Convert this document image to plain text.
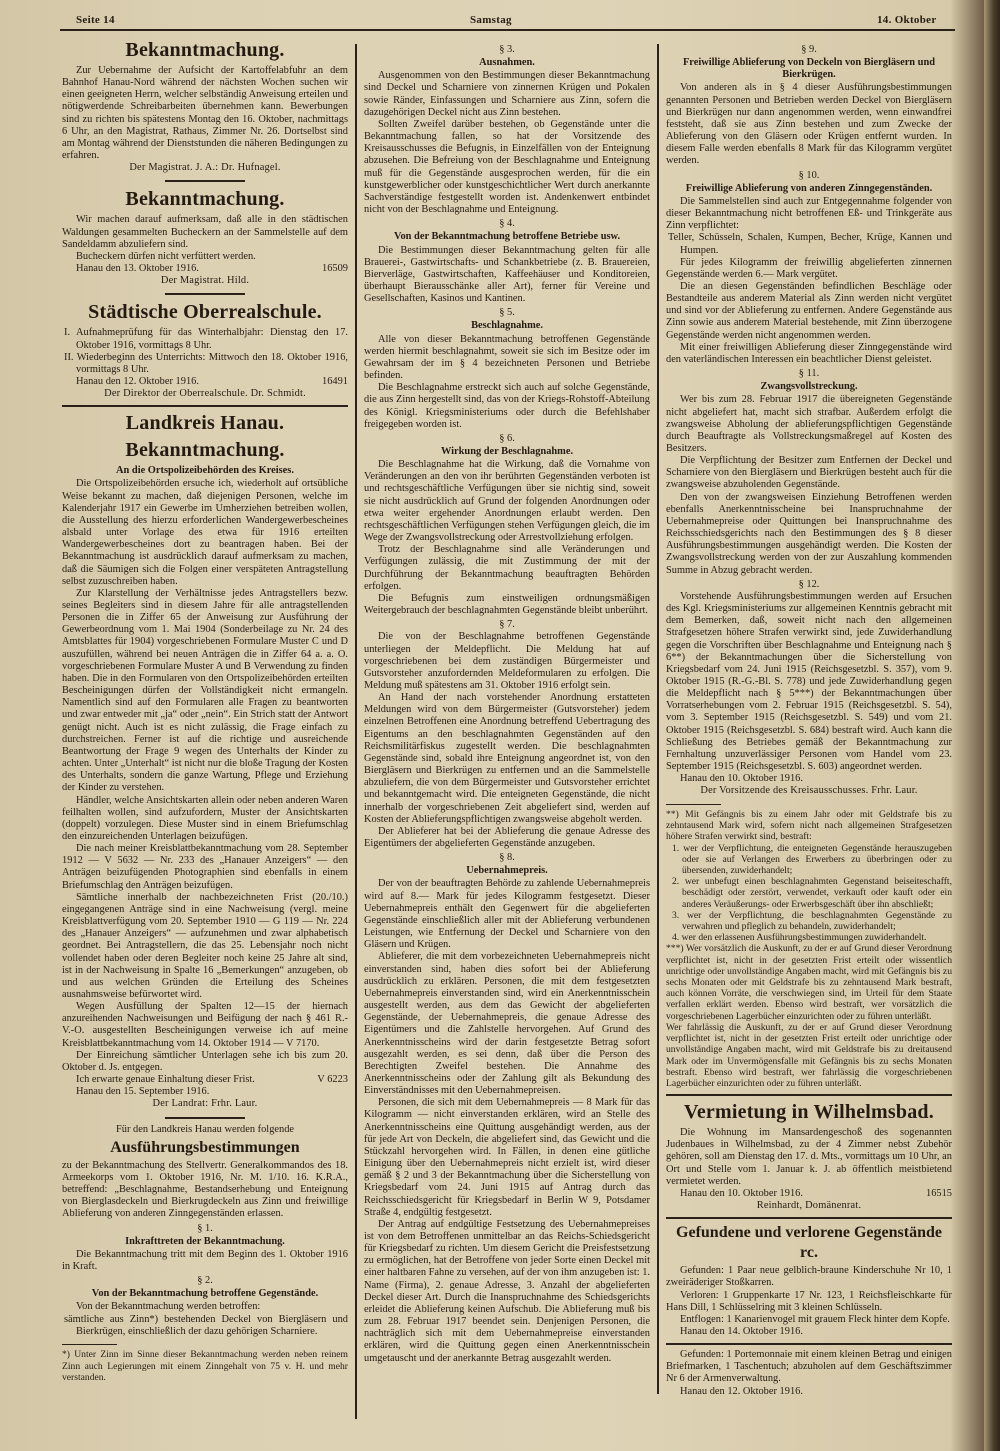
Seite 14	Samstag	14. Oktober

Bekanntmachung.

Zur Uebernahme der Aufsicht der Kartoffelabfuhr an dem Bahnhof Hanau-Nord während der nächsten Wochen suchen wir einen geeigneten Herrn, welcher selbständig Anweisung erteilen und nötigwerdende Schreibarbeiten übernehmen kann. Bewerbungen sind zu richten bis spätestens Montag den 16. Oktober, nachmittags 6 Uhr, an den Magistrat, Rathaus, Zimmer Nr. 26. Dortselbst sind am Montag während der Dienststunden die näheren Bedingungen zu erfahren.

Der Magistrat. J. A.: Dr. Hufnagel.

Bekanntmachung.

Wir machen darauf aufmerksam, daß alle in den städtischen Waldungen gesammelten Bucheckern an der Sammelstelle auf dem Sandeldamm abzuliefern sind.

Bucheckern dürfen nicht verfüttert werden.

Hanau den 13. Oktober 1916.	16509

Der Magistrat. Hild.

Städtische Oberrealschule.

I. Aufnahmeprüfung für das Winterhalbjahr: Dienstag den 17. Oktober 1916, vormittags 8 Uhr.

II. Wiederbeginn des Unterrichts: Mittwoch den 18. Oktober 1916, vormittags 8 Uhr.

Hanau den 12. Oktober 1916.	16491

Der Direktor der Oberrealschule. Dr. Schmidt.

Landkreis Hanau.

Bekanntmachung.

An die Ortspolizeibehörden des Kreises.

Die Ortspolizeibehörden ersuche ich, wiederholt auf ortsübliche Weise bekannt zu machen, daß diejenigen Personen, welche im Kalenderjahr 1917 ein Gewerbe im Umherziehen betreiben wollen, die Ausstellung des hierzu erforderlichen Wandergewerbescheines alsbald unter Vorlage des etwa für 1916 erteilten Wandergewerbescheines dort zu beantragen haben. Bei der Bekanntmachung ist ausdrücklich darauf aufmerksam zu machen, daß die Säumigen sich die Folgen einer verspäteten Antragstellung selbst zuzuschreiben haben.

Zur Klarstellung der Verhältnisse jedes Antragstellers bezw. seines Begleiters sind in diesem Jahre für alle antragstellenden Personen die in Ziffer 65 der Anweisung zur Ausführung der Gewerbeordnung vom 1. Mai 1904 (Sonderbeilage zu Nr. 24 des Amtsblattes für 1904) vorgeschriebenen Formulare Muster C und D auszufüllen, während bei neuen Anträgen die in Ziffer 64 a. a. O. vorgeschriebenen Formulare Muster A und B Verwendung zu finden haben. Die in den Formularen von den Ortspolizeibehörden erteilten Bescheinigungen dürfen der Vollständigkeit nicht ermangeln. Namentlich sind auf den Formularen alle Fragen zu beantworten und zwar entweder mit „ja“ oder „nein“. Ein Strich statt der Antwort genügt nicht. Auch ist es nicht zulässig, die Frage einfach zu durchstreichen. Ferner ist auf die richtige und ausreichende Beantwortung der Frage 9 wegen des Unterhalts der Kinder zu achten. Unter „Unterhalt“ ist nicht nur die bloße Tragung der Kosten des Unterhalts, sondern die ganze Wartung, Pflege und Erziehung der Kinder zu verstehen.

Händler, welche Ansichtskarten allein oder neben anderen Waren feilhalten wollen, sind aufzufordern, Muster der Ansichtskarten (doppelt) vorzulegen. Diese Muster sind in einem Briefumschlag den einzureichenden Unterlagen beizufügen.

Die nach meiner Kreisblattbekanntmachung vom 28. September 1912 — V 5632 — Nr. 233 des „Hanauer Anzeigers“ — den Anträgen beizufügenden Photographien sind ebenfalls in einem Briefumschlag den Anträgen beizufügen.

Sämtliche innerhalb der nachbezeichneten Frist (20./10.) eingegangenen Anträge sind in eine Nachweisung (vergl. meine Kreisblattverfügung vom 20. September 1910 — G 119 — Nr. 224 des „Hanauer Anzeigers“ — aufzunehmen und zwar alphabetisch geordnet. Bei Antragstellern, die das 25. Lebensjahr noch nicht vollendet haben oder deren Begleiter noch keine 25 Jahre alt sind, ist in der Nachweisung in Spalte 16 „Bemerkungen“ anzugeben, ob und aus welchen Gründen die Erteilung des Scheines ausnahmsweise befürwortet wird.

Wegen Ausfüllung der Spalten 12—15 der hiernach anzureihenden Nachweisungen und Beifügung der nach § 461 R.-V.-O. ausgestellten Bescheinigungen verweise ich auf meine Kreisblattbekanntmachung vom 14. Oktober 1914 — V 7170.

Der Einreichung sämtlicher Unterlagen sehe ich bis zum 20. Oktober d. Js. entgegen.

Ich erwarte genaue Einhaltung dieser Frist.	V 6223

Hanau den 15. September 1916.

Der Landrat: Frhr. Laur.

Für den Landkreis Hanau werden folgende

Ausführungsbestimmungen

zu der Bekanntmachung des Stellvertr. Generalkommandos des 18. Armeekorps vom 1. Oktober 1916, Nr. M. 1/10. 16. K.R.A., betreffend: „Beschlagnahme, Bestandserhebung und Enteignung von Bierglasdeckeln und Bierkrugdeckeln aus Zinn und freiwillige Ablieferung von anderen Zinngegenständen erlassen.

§ 1.

Inkrafttreten der Bekanntmachung.

Die Bekanntmachung tritt mit dem Beginn des 1. Oktober 1916 in Kraft.

§ 2.

Von der Bekanntmachung betroffene Gegenstände.

Von der Bekanntmachung werden betroffen:

sämtliche aus Zinn*) bestehenden Deckel von Biergläsern und Bierkrügen, einschließlich der dazu gehörigen Scharniere.

*) Unter Zinn im Sinne dieser Bekanntmachung werden neben reinem Zinn auch Legierungen mit einem Zinngehalt von 75 v. H. und mehr verstanden.

§ 3.

Ausnahmen.

Ausgenommen von den Bestimmungen dieser Bekanntmachung sind Deckel und Scharniere von zinnernen Krügen und Pokalen sowie Ränder, Einfassungen und Scharniere aus Zinn, sofern die dazugehörigen Deckel nicht aus Zinn bestehen.

Sollten Zweifel darüber bestehen, ob Gegenstände unter die Bekanntmachung fallen, so hat der Vorsitzende des Kreisausschusses die Befugnis, in Einzelfällen von der Enteignung abzusehen. Die Befreiung von der Beschlagnahme und Enteignung muß für die Gegenstände ausgesprochen werden, für die ein kunstgewerblicher oder kunstgeschichtlicher Wert durch anerkannte Sachverständige festgestellt worden ist. Andenkenwert entbindet nicht von der Beschlagnahme und Enteignung.

§ 4.

Von der Bekanntmachung betroffene Betriebe usw.

Die Bestimmungen dieser Bekanntmachung gelten für alle Brauerei-, Gastwirtschafts- und Schankbetriebe (z. B. Brauereien, Bierverläge, Gastwirtschaften, Kaffeehäuser und Konditoreien, überhaupt Bierausschänke aller Art), ferner für Vereine und Gesellschaften, Kasinos und Kantinen.

§ 5.

Beschlagnahme.

Alle von dieser Bekanntmachung betroffenen Gegenstände werden hiermit beschlagnahmt, soweit sie sich im Besitze oder im Gewahrsam der im § 4 bezeichneten Personen und Betriebe befinden.

Die Beschlagnahme erstreckt sich auch auf solche Gegenstände, die aus Zinn hergestellt sind, das von der Kriegs-Rohstoff-Abteilung des Königl. Kriegsministeriums oder durch die Befehlshaber freigegeben worden ist.

§ 6.

Wirkung der Beschlagnahme.

Die Beschlagnahme hat die Wirkung, daß die Vornahme von Veränderungen an den von ihr berührten Gegenständen verboten ist und rechtsgeschäftliche Verfügungen über sie nichtig sind, soweit sie nicht ausdrücklich auf Grund der folgenden Anordnungen oder etwa weiter ergehender Anordnungen erlaubt werden. Den rechtsgeschäftlichen Verfügungen stehen Verfügungen gleich, die im Wege der Zwangsvollstreckung oder Arrestvollziehung erfolgen.

Trotz der Beschlagnahme sind alle Veränderungen und Verfügungen zulässig, die mit Zustimmung der mit der Durchführung der Bekanntmachung beauftragten Behörden erfolgen.

Die Befugnis zum einstweiligen ordnungsmäßigen Weitergebrauch der beschlagnahmten Gegenstände bleibt unberührt.

§ 7.

Die von der Beschlagnahme betroffenen Gegenstände unterliegen der Meldepflicht. Die Meldung hat auf vorgeschriebenen bei dem zuständigen Bürgermeister und Gutsvorsteher anzufordernden Meldeformularen zu erfolgen. Die Meldung muß spätestens am 31. Oktober 1916 erfolgt sein.

An Hand der nach vorstehender Anordnung erstatteten Meldungen wird von dem Bürgermeister (Gutsvorsteher) jedem einzelnen Betroffenen eine Anordnung betreffend Uebertragung des Eigentums an den beschlagnahmten Gegenständen auf den Reichsmilitärfiskus zugestellt werden. Die beschlagnahmten Gegenstände sind, sobald ihre Enteignung angeordnet ist, von den Biergläsern und Bierkrügen zu entfernen und an die Sammelstelle abzuliefern, die von dem Bürgermeister und Gutsvorsteher errichtet und bekanntgemacht wird. Die enteigneten Gegenstände, die nicht innerhalb der vorgeschriebenen Zeit abgeliefert sind, werden auf Kosten der Ablieferungspflichtigen zwangsweise abgeholt werden.

Der Ablieferer hat bei der Ablieferung die genaue Adresse des Eigentümers der abgelieferten Gegenstände anzugeben.

§ 8.

Uebernahmepreis.

Der von der beauftragten Behörde zu zahlende Uebernahmepreis wird auf 8.— Mark für jedes Kilogramm festgesetzt. Dieser Uebernahmepreis enthält den Gegenwert für die abgelieferten Gegenstände einschließlich aller mit der Ablieferung verbundenen Leistungen, wie Entfernung der Deckel und Scharniere von den Gläsern und Krügen.

Ablieferer, die mit dem vorbezeichneten Uebernahmepreis nicht einverstanden sind, haben dies sofort bei der Ablieferung ausdrücklich zu erklären. Personen, die mit dem festgesetzten Uebernahmepreis einverstanden sind, wird ein Anerkenntnisschein ausgestellt werden, aus dem das Gewicht der abgelieferten Gegenstände, der Uebernahmepreis, die genaue Adresse des Eigentümers und die Zahlstelle hervorgehen. Auf Grund des Anerkenntnisscheins wird der darin festgesetzte Betrag sofort ausgezahlt werden, es sei denn, daß über die Person des Berechtigten Zweifel bestehen. Die Annahme des Anerkenntnisscheins oder der Zahlung gilt als Bekundung des Einverständnisses mit den Uebernahmepreisen.

Personen, die sich mit dem Uebernahmepreis — 8 Mark für das Kilogramm — nicht einverstanden erklären, wird an Stelle des Anerkenntnisscheins eine Quittung ausgehändigt werden, aus der für jede Art von Deckeln, die abgeliefert sind, das Gewicht und die Stückzahl hervorgehen wird. In Fällen, in denen eine gütliche Einigung über den Uebernahmepreis nicht erzielt ist, wird dieser gemäß § 2 und 3 der Bekanntmachung über die Sicherstellung von Kriegsbedarf vom 24. Juni 1915 auf Antrag durch das Reichsschiedsgericht für Kriegsbedarf in Berlin W 9, Potsdamer Straße 4, endgültig festgesetzt.

Der Antrag auf endgültige Festsetzung des Uebernahmepreises ist von dem Betroffenen unmittelbar an das Reichs-Schiedsgericht für Kriegsbedarf zu richten. Um diesem Gericht die Preisfestsetzung zu ermöglichen, hat der Betroffene von jeder Sorte einen Deckel mit einer haltbaren Fahne zu versehen, auf der von ihm anzugeben ist: 1. Name (Firma), 2. genaue Adresse, 3. Anzahl der abgelieferten Deckel dieser Art. Durch die Inanspruchnahme des Schiedsgerichts erleidet die Ablieferung keinen Aufschub. Die Ablieferung muß bis zum 28. Februar 1917 beendet sein. Denjenigen Personen, die nachträglich sich mit dem Uebernahmepreise einverstanden erklären, wird die Quittung gegen einen Anerkenntnisschein umgetauscht und der anerkannte Betrag ausgezahlt werden.

§ 9.

Freiwillige Ablieferung von Deckeln von Biergläsern und Bierkrügen.

Von anderen als in § 4 dieser Ausführungsbestimmungen genannten Personen und Betrieben werden Deckel von Biergläsern und Bierkrügen nur dann angenommen werden, wenn einwandfrei feststeht, daß sie aus Zinn bestehen und zum Zwecke der Ablieferung von den Gläsern oder Krügen entfernt wurden. In diesem Falle werden ebenfalls 8 Mark für das Kilogramm vergütet werden.

§ 10.

Freiwillige Ablieferung von anderen Zinngegenständen.

Die Sammelstellen sind auch zur Entgegennahme folgender von dieser Bekanntmachung nicht betroffenen Eß- und Trinkgeräte aus Zinn verpflichtet:

Teller, Schüsseln, Schalen, Kumpen, Becher, Krüge, Kannen und Humpen.

Für jedes Kilogramm der freiwillig abgelieferten zinnernen Gegenstände werden 6.— Mark vergütet.

Die an diesen Gegenständen befindlichen Beschläge oder Bestandteile aus anderem Material als Zinn werden nicht vergütet und sind vor der Ablieferung zu entfernen. Andere Gegenstände aus Zinn sowie aus anderem Material bestehende, mit Zinn überzogene Gegenstände werden nicht angenommen werden.

Mit einer freiwilligen Ablieferung dieser Zinngegenstände wird den vaterländischen Interessen ein beachtlicher Dienst geleistet.

§ 11.

Zwangsvollstreckung.

Wer bis zum 28. Februar 1917 die übereigneten Gegenstände nicht abgeliefert hat, macht sich strafbar. Außerdem erfolgt die zwangsweise Abholung der ablieferungspflichtigen Gegenstände durch Beauftragte als Vollstreckungsmaßregel auf Kosten des Besitzers.

Die Verpflichtung der Besitzer zum Entfernen der Deckel und Scharniere von den Biergläsern und Bierkrügen besteht auch für die zwangsweise abzuholenden Gegenstände.

Den von der zwangsweisen Einziehung Betroffenen werden ebenfalls Anerkenntnisscheine bei Inanspruchnahme der Uebernahmepreise oder Quittungen bei Inanspruchnahme des Reichsschiedsgerichts nach den Bestimmungen des § 8 dieser Ausführungsbestimmungen ausgehändigt werden. Die Kosten der Zwangsvollstreckung werden von der zur Auszahlung kommenden Summe in Abzug gebracht werden.

§ 12.

Vorstehende Ausführungsbestimmungen werden auf Ersuchen des Kgl. Kriegsministeriums zur allgemeinen Kenntnis gebracht mit dem Bemerken, daß, soweit nicht nach den allgemeinen Strafgesetzen höhere Strafen verwirkt sind, jede Zuwiderhandlung gegen die Vorschriften über Beschlagnahme und Enteignung nach § 6**) der Bekanntmachungen über die Sicherstellung von Kriegsbedarf vom 24. Juni 1915 (Reichsgesetzbl. S. 357), vom 9. Oktober 1915 (R.-G.-Bl. S. 778) und jede Zuwiderhandlung gegen die Meldepflicht nach § 5***) der Bekanntmachungen über Vorratserhebungen vom 2. Februar 1915 (Reichsgesetzbl. S. 54), vom 3. September 1915 (Reichsgesetzbl. S. 549) und vom 21. Oktober 1915 (Reichsgesetzbl. S. 684) bestraft wird. Auch kann die Schließung des Betriebes gemäß der Bekanntmachung zur Fernhaltung unzuverlässiger Personen vom Handel vom 23. September 1915 (Reichsgesetzbl. S. 603) angeordnet werden.

Hanau den 10. Oktober 1916.

Der Vorsitzende des Kreisausschusses. Frhr. Laur.

**) Mit Gefängnis bis zu einem Jahr oder mit Geldstrafe bis zu zehntausend Mark wird, sofern nicht nach allgemeinen Strafgesetzen höhere Strafen verwirkt sind, bestraft:

1. wer der Verpflichtung, die enteigneten Gegenstände herauszugeben oder sie auf Verlangen des Erwerbers zu überbringen oder zu übersenden, zuwiderhandelt;

2. wer unbefugt einen beschlagnahmten Gegenstand beiseiteschafft, beschädigt oder zerstört, verwendet, verkauft oder kauft oder ein anderes Veräußerungs- oder Erwerbsgeschäft über ihn abschließt;

3. wer der Verpflichtung, die beschlagnahmten Gegenstände zu verwahren und pfleglich zu behandeln, zuwiderhandelt;

4. wer den erlassenen Ausführungsbestimmungen zuwiderhandelt.

***) Wer vorsätzlich die Auskunft, zu der er auf Grund dieser Verordnung verpflichtet ist, nicht in der gesetzten Frist erteilt oder wissentlich unrichtige oder unvollständige Angaben macht, wird mit Gefängnis bis zu sechs Monaten oder mit Geldstrafe bis zu zehntausend Mark bestraft, auch können Vorräte, die verschwiegen sind, im Urteil für dem Staate verfallen erklärt werden. Ebenso wird bestraft, wer vorsätzlich die vorgeschriebenen Lagerbücher einzurichten oder zu führen unterläßt.

Wer fahrlässig die Auskunft, zu der er auf Grund dieser Verordnung verpflichtet ist, nicht in der gesetzten Frist erteilt oder unrichtige oder unvollständige Angaben macht, wird mit Geldstrafe bis zu dreitausend Mark oder im Unvermögensfalle mit Gefängnis bis zu sechs Monaten bestraft. Ebenso wird bestraft, wer fahrlässig die vorgeschriebenen Lagerbücher einzurichten oder zu führen unterläßt.

Vermietung in Wilhelmsbad.

Die Wohnung im Mansardengeschoß des sogenannten Judenbaues in Wilhelmsbad, zu der 4 Zimmer nebst Zubehör gehören, soll am Dienstag den 17. d. Mts., vormittags um 10 Uhr, an Ort und Stelle vom 1. Januar k. J. ab öffentlich meistbietend vermietet werden.

Hanau den 10. Oktober 1916.	16515

Reinhardt, Domänenrat.

Gefundene und verlorene Gegenstände rc.

Gefunden: 1 Paar neue gelblich-braune Kinderschuhe Nr 10, 1 zweiräderiger Stoßkarren.

Verloren: 1 Gruppenkarte 17 Nr. 123, 1 Reichsfleischkarte für Hans Dill, 1 Schlüsselring mit 3 kleinen Schlüsseln.

Entflogen: 1 Kanarienvogel mit grauem Fleck hinter dem Kopfe.

Hanau den 14. Oktober 1916.

Gefunden: 1 Portemonnaie mit einem kleinen Betrag und einigen Briefmarken, 1 Taschentuch; abzuholen auf dem Geschäftszimmer Nr 6 der Armenverwaltung.

Hanau den 12. Oktober 1916.
